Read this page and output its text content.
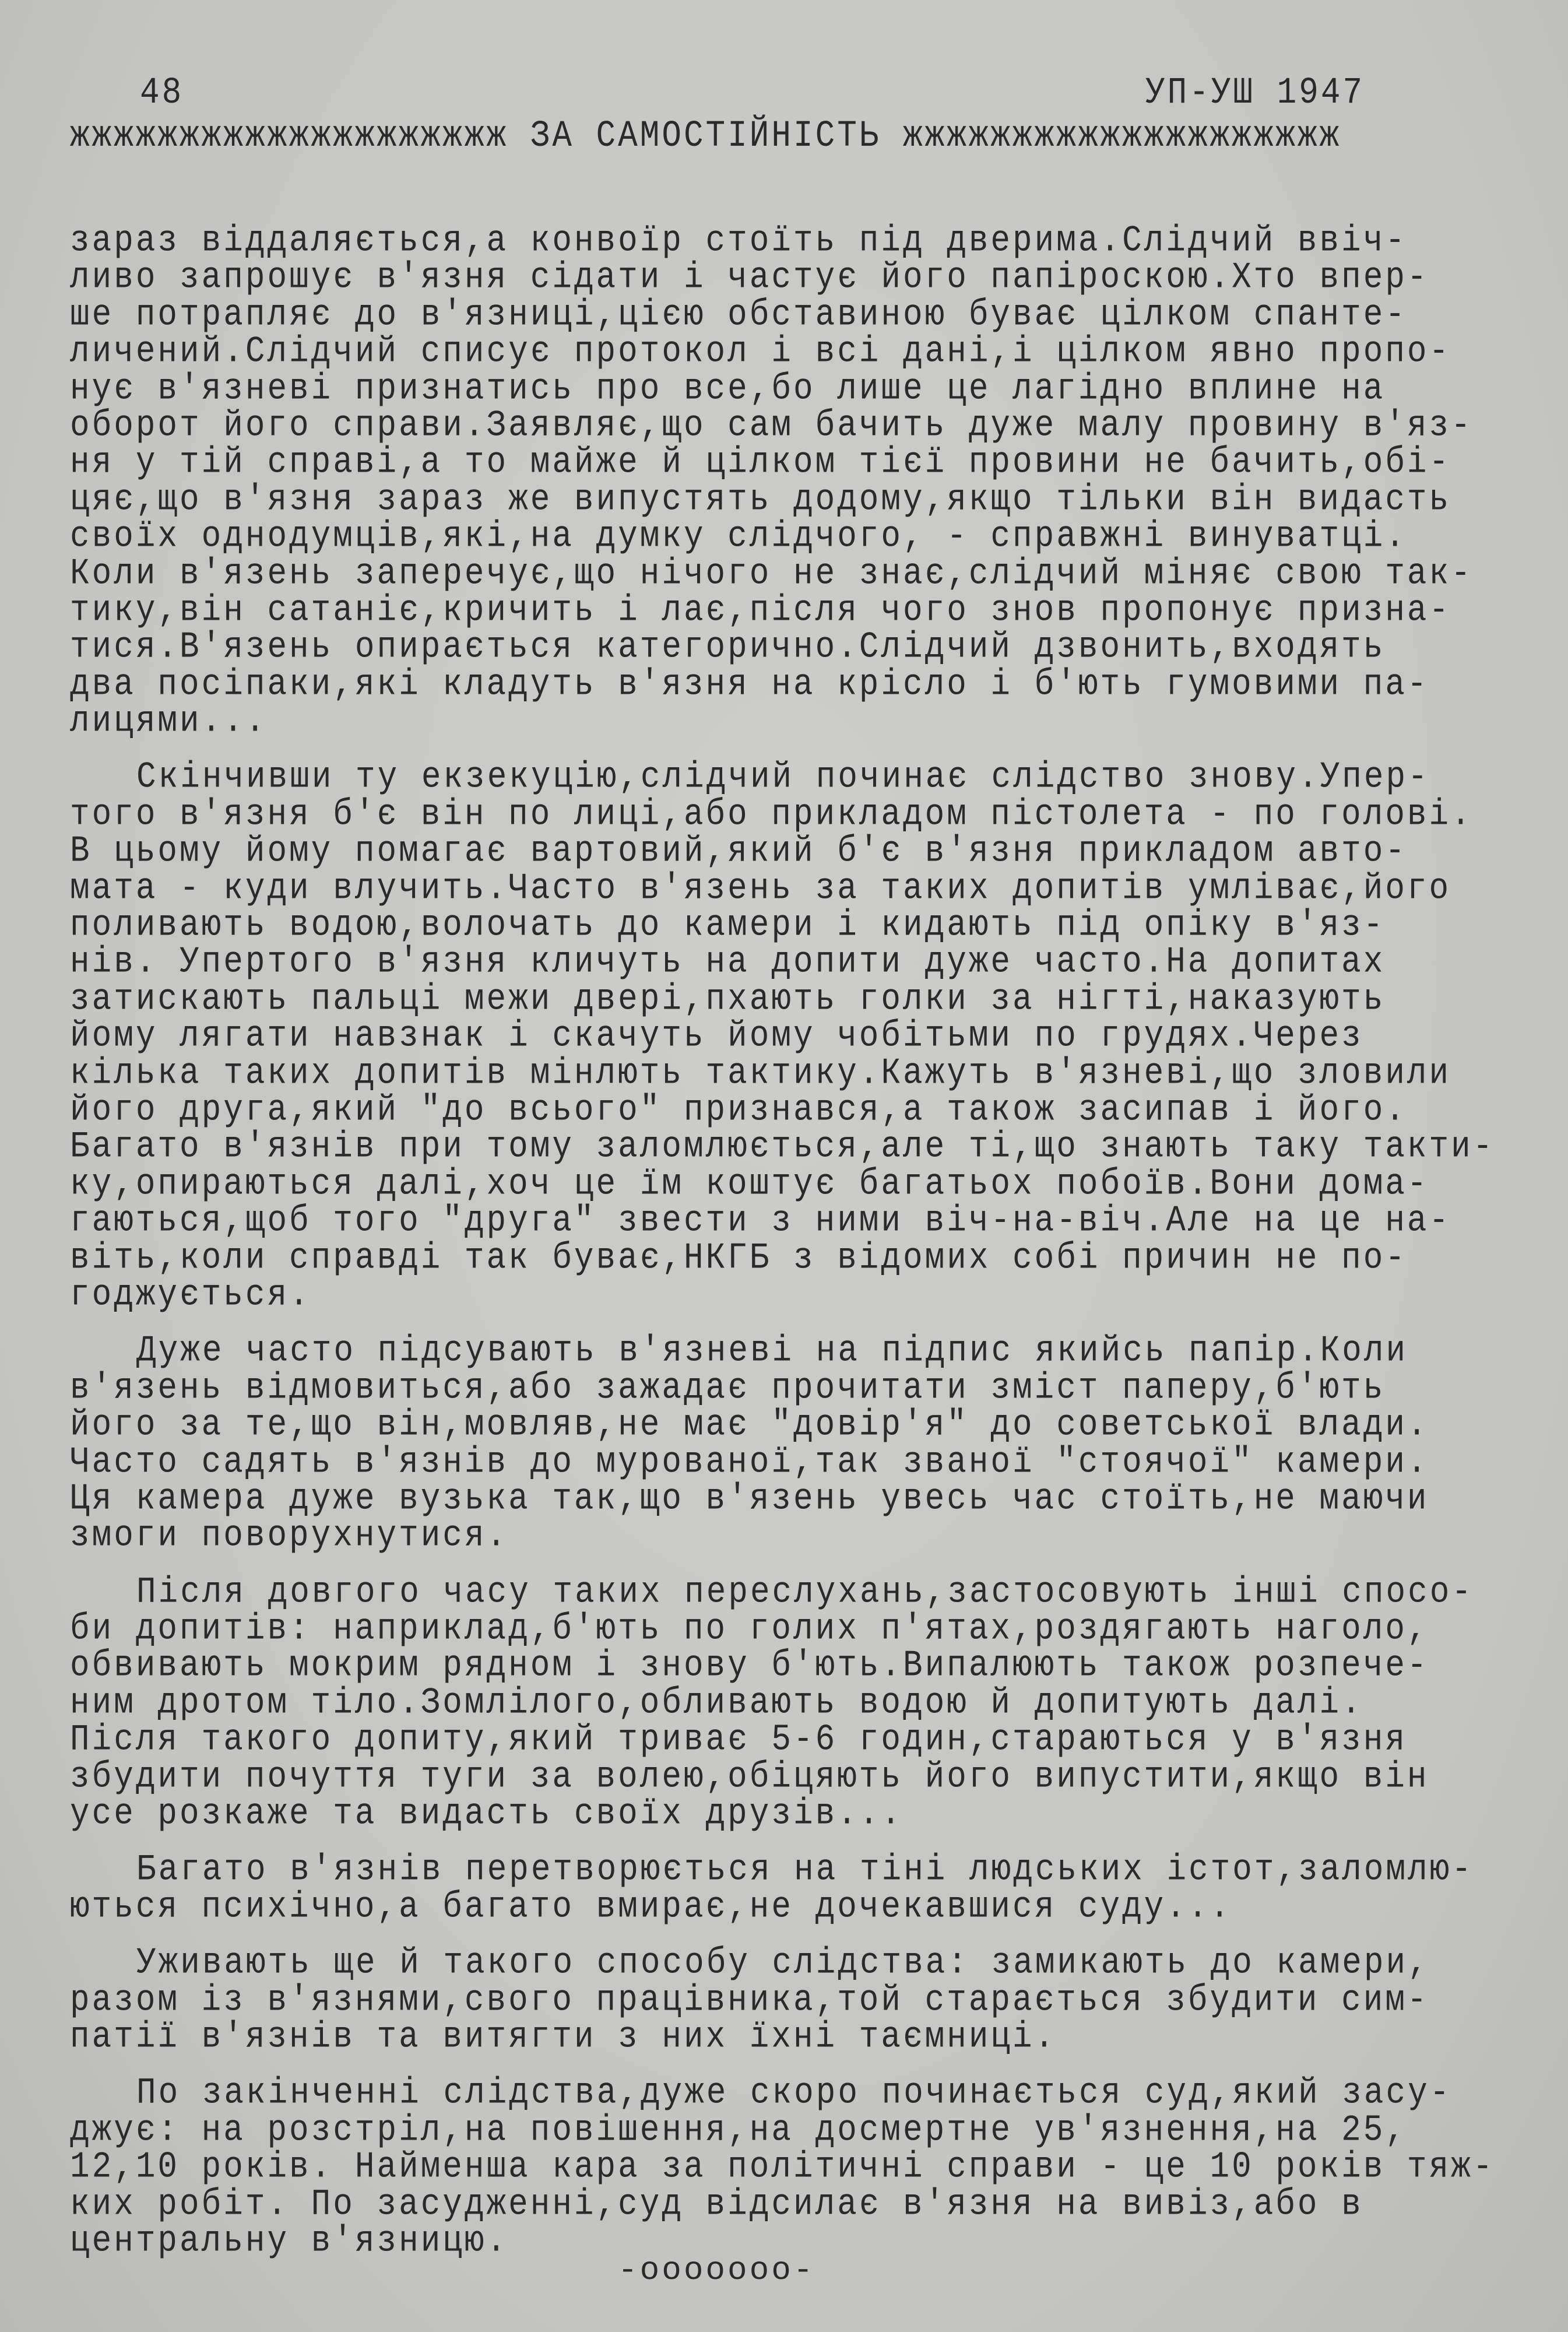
48	УП-УШ 1947
жжжжжжжжжжжжжжжжжжжж ЗА САМОСТІЙНІСТЬ жжжжжжжжжжжжжжжжжжжж
зараз віддаляється,а конвоїр стоїть під дверима.Слідчий ввіч-
ливо запрошує в'язня сідати і частує його папіроскою.Хто впер-
ше потрапляє до в'язниці,цією обставиною буває цілком спанте-
личений.Слідчий списує протокол і всі дані,і цілком явно пропо-
нує в'язневі признатись про все,бо лише це лагідно вплине на
оборот його справи.Заявляє,що сам бачить дуже малу провину в'яз-
ня у тій справі,а то майже й цілком тієї провини не бачить,обі-
цяє,що в'язня зараз же випустять додому,якщо тільки він видасть
своїх однодумців,які,на думку слідчого, - справжні винуватці.
Коли в'язень заперечує,що нічого не знає,слідчий міняє свою так-
тику,він сатаніє,кричить і лає,після чого знов пропонує призна-
тися.В'язень опирається категорично.Слідчий дзвонить,входять
два посіпаки,які кладуть в'язня на крісло і б'ють гумовими па-
лицями...
Скінчивши ту екзекуцію,слідчий починає слідство знову.Упер-
того в'язня б'є він по лиці,або прикладом пістолета - по голові.
В цьому йому помагає вартовий,який б'є в'язня прикладом авто-
мата - куди влучить.Часто в'язень за таких допитів умліває,його
поливають водою,волочать до камери і кидають під опіку в'яз-
нів. Упертого в'язня кличуть на допити дуже часто.На допитах
затискають пальці межи двері,пхають голки за нігті,наказують
йому лягати навзнак і скачуть йому чобітьми по грудях.Через
кілька таких допитів мінлють тактику.Кажуть в'язневі,що зловили
його друга,який "до всього" признався,а також засипав і його.
Багато в'язнів при тому заломлюється,але ті,що знають таку такти-
ку,опираються далі,хоч це їм коштує багатьох побоїв.Вони дома-
гаються,щоб того "друга" звести з ними віч-на-віч.Але на це на-
віть,коли справді так буває,НКГБ з відомих собі причин не по-
годжується.
Дуже часто підсувають в'язневі на підпис якийсь папір.Коли
в'язень відмовиться,або зажадає прочитати зміст паперу,б'ють
його за те,що він,мовляв,не має "довір'я" до советської влади.
Часто садять в'язнів до мурованої,так званої "стоячої" камери.
Ця камера дуже вузька так,що в'язень увесь час стоїть,не маючи
змоги поворухнутися.
Після довгого часу таких переслухань,застосовують інші спосо-
би допитів: наприклад,б'ють по голих п'ятах,роздягають наголо,
обвивають мокрим рядном і знову б'ють.Випалюють також розпече-
ним дротом тіло.Зомлілого,обливають водою й допитують далі.
Після такого допиту,який триває 5-6 годин,стараються у в'язня
збудити почуття туги за волею,обіцяють його випустити,якщо він
усе розкаже та видасть своїх друзів...
Багато в'язнів перетворюється на тіні людських істот,заломлю-
ються психічно,а багато вмирає,не дочекавшися суду...
Уживають ще й такого способу слідства: замикають до камери,
разом із в'язнями,свого працівника,той старається збудити сим-
патії в'язнів та витягти з них їхні таємниці.
По закінченні слідства,дуже скоро починається суд,який засу-
джує: на розстріл,на повішення,на досмертне ув'язнення,на 25,
12,10 років. Найменша кара за політичні справи - це 10 років тяж-
ких робіт. По засудженні,суд відсилає в'язня на вивіз,або в
центральну в'язницю.
-ооооооо-
